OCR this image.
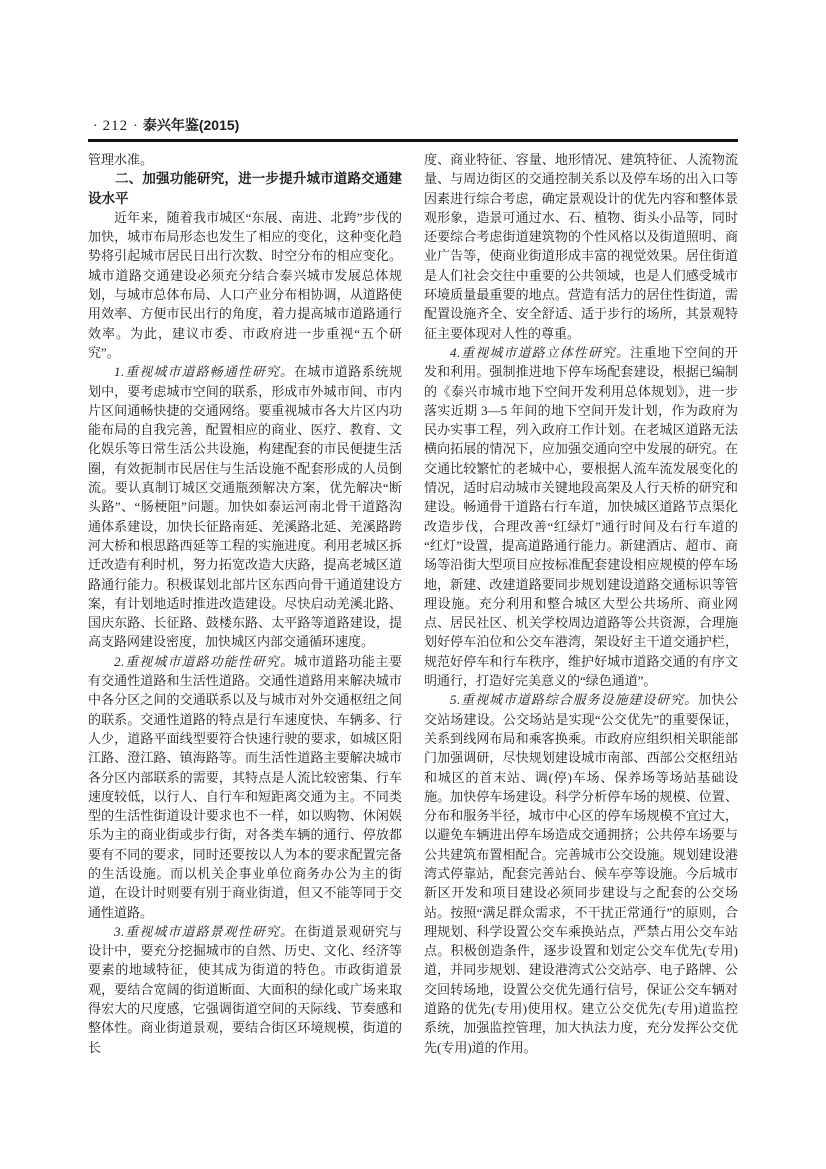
· 212 · 泰兴年鉴(2015)

管理水准。

二、加强功能研究，进一步提升城市道路交通建设水平

近年来，随着我市城区“东展、南进、北跨”步伐的加快，城市布局形态也发生了相应的变化，这种变化趋势将引起城市居民日出行次数、时空分布的相应变化。城市道路交通建设必须充分结合泰兴城市发展总体规划，与城市总体布局、人口产业分布相协调，从道路使用效率、方便市民出行的角度，着力提高城市道路通行效率。为此，建议市委、市政府进一步重视“五个研究”。

1.重视城市道路畅通性研究。在城市道路系统规划中，要考虑城市空间的联系，形成市外城市间、市内片区间通畅快捷的交通网络。要重视城市各大片区内功能布局的自我完善，配置相应的商业、医疗、教育、文化娱乐等日常生活公共设施，构建配套的市民便捷生活圈，有效扼制市民居住与生活设施不配套形成的人员倒流。要认真制订城区交通瓶颈解决方案，优先解决“断头路”、“肠梗阻”问题。加快如泰运河南北骨干道路沟通体系建设，加快长征路南延、羌溪路北延、羌溪路跨河大桥和根思路西延等工程的实施进度。利用老城区拆迁改造有利时机，努力拓宽改造大庆路，提高老城区道路通行能力。积极谋划北部片区东西向骨干通道建设方案，有计划地适时推进改造建设。尽快启动羌溪北路、国庆东路、长征路、鼓楼东路、太平路等道路建设，提高支路网建设密度，加快城区内部交通循环速度。

2.重视城市道路功能性研究。城市道路功能主要有交通性道路和生活性道路。交通性道路用来解决城市中各分区之间的交通联系以及与城市对外交通枢纽之间的联系。交通性道路的特点是行车速度快、车辆多、行人少，道路平面线型要符合快速行驶的要求，如城区阳江路、澄江路、镇海路等。而生活性道路主要解决城市各分区内部联系的需要，其特点是人流比较密集、行车速度较低，以行人、自行车和短距离交通为主。不同类型的生活性街道设计要求也不一样，如以购物、休闲娱乐为主的商业街或步行街，对各类车辆的通行、停放都要有不同的要求，同时还要按以人为本的要求配置完备的生活设施。而以机关企事业单位商务办公为主的街道，在设计时则要有别于商业街道，但又不能等同于交通性道路。

3.重视城市道路景观性研究。在街道景观研究与设计中，要充分挖掘城市的自然、历史、文化、经济等要素的地域特征，使其成为街道的特色。市政街道景观，要结合宽阔的街道断面、大面积的绿化或广场来取得宏大的尺度感，它强调街道空间的天际线、节奏感和整体性。商业街道景观，要结合街区环境规模，街道的长

度、商业特征、容量、地形情况、建筑特征、人流物流量、与周边街区的交通控制关系以及停车场的出入口等因素进行综合考虑，确定景观设计的优先内容和整体景观形象，造景可通过水、石、植物、街头小品等，同时还要综合考虑街道建筑物的个性风格以及街道照明、商业广告等，使商业街道形成丰富的视觉效果。居住街道是人们社会交往中重要的公共领域，也是人们感受城市环境质量最重要的地点。营造有活力的居住性街道，需配置设施齐全、安全舒适、适于步行的场所，其景观特征主要体现对人性的尊重。

4.重视城市道路立体性研究。注重地下空间的开发和利用。强制推进地下停车场配套建设，根据已编制的《泰兴市城市地下空间开发利用总体规划》，进一步落实近期 3—5 年间的地下空间开发计划，作为政府为民办实事工程，列入政府工作计划。在老城区道路无法横向拓展的情况下，应加强交通向空中发展的研究。在交通比较繁忙的老城中心，要根据人流车流发展变化的情况，适时启动城市关键地段高架及人行天桥的研究和建设。畅通骨干道路右行车道，加快城区道路节点渠化改造步伐，合理改善“红绿灯”通行时间及右行车道的“红灯”设置，提高道路通行能力。新建酒店、超市、商场等沿街大型项目应按标准配套建设相应规模的停车场地，新建、改建道路要同步规划建设道路交通标识等管理设施。充分利用和整合城区大型公共场所、商业网点、居民社区、机关学校周边道路等公共资源，合理施划好停车泊位和公交车港湾，架设好主干道交通护栏，规范好停车和行车秩序，维护好城市道路交通的有序文明通行，打造好完美意义的“绿色通道”。

5.重视城市道路综合服务设施建设研究。加快公交站场建设。公交场站是实现“公交优先”的重要保证，关系到线网布局和乘客换乘。市政府应组织相关职能部门加强调研，尽快规划建设城市南部、西部公交枢纽站和城区的首末站、调(停)车场、保养场等场站基础设施。加快停车场建设。科学分析停车场的规模、位置、分布和服务半径，城市中心区的停车场规模不宜过大，以避免车辆进出停车场造成交通拥挤；公共停车场要与公共建筑布置相配合。完善城市公交设施。规划建设港湾式停靠站，配套完善站台、候车亭等设施。今后城市新区开发和项目建设必须同步建设与之配套的公交场站。按照“满足群众需求，不干扰正常通行”的原则，合理规划、科学设置公交车乘换站点，严禁占用公交车站点。积极创造条件，逐步设置和划定公交车优先(专用)道，并同步规划、建设港湾式公交站亭、电子路牌、公交回转场地，设置公交优先通行信号，保证公交车辆对道路的优先(专用)使用权。建立公交优先(专用)道监控系统，加强监控管理，加大执法力度，充分发挥公交优先(专用)道的作用。
